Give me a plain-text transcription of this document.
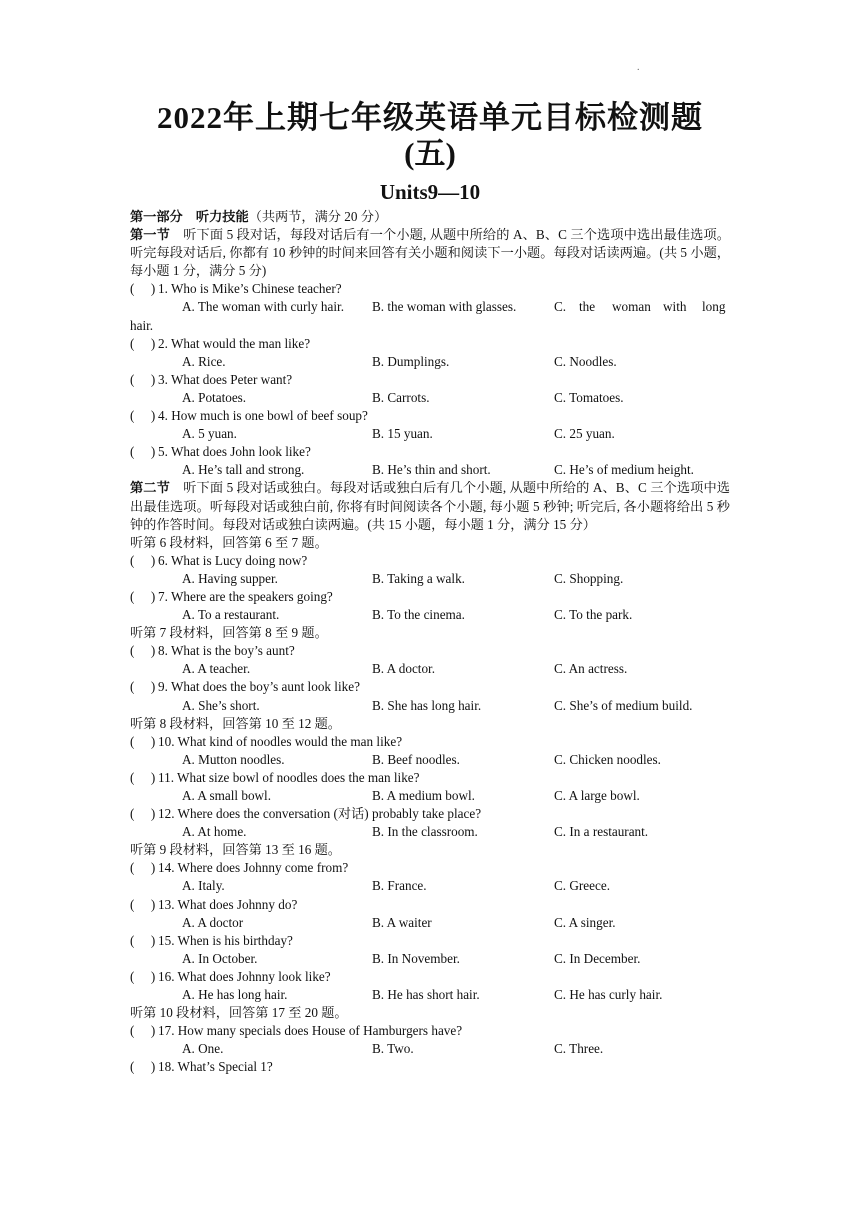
.
2022年上期七年级英语单元目标检测题
(五)
Units9—10
第一部分　听力技能（共两节，满分 20 分）
第一节　 听下面 5 段对话，每段对话后有一个小题, 从题中所给的 A、B、C 三个选项中选出最佳选项。听完每段对话后, 你都有 10 秒钟的时间来回答有关小题和阅读下一小题。每段对话读两遍。(共 5 小题，每小题 1 分，满分 5 分)
(　 ) 1. Who is Mike’s Chinese teacher?
A. The woman with curly hair. B. the woman with glasses.	C. the woman with long
hair.
(　 ) 2. What would the man like?
A. Rice.	B. Dumplings.	C. Noodles.
(　 ) 3. What does Peter want?
A. Potatoes.	B. Carrots.	C. Tomatoes.
(　 ) 4. How much is one bowl of beef soup?
A. 5 yuan.	B. 15 yuan.	C. 25 yuan.
(　 ) 5. What does John look like?
A. He’s tall and strong.	B. He’s thin and short.	C. He’s of medium height.
第二节　 听下面 5 段对话或独白。每段对话或独白后有几个小题, 从题中所给的 A、B、C 三个选项中选出最佳选项。听每段对话或独白前, 你将有时间阅读各个小题, 每小题 5 秒钟; 听完后, 各小题将给出 5 秒钟的作答时间。每段对话或独白读两遍。(共 15 小题，每小题 1 分，满分 15 分）
听第 6 段材料，回答第 6 至 7 题。
(　 ) 6. What is Lucy doing now?
A. Having supper.	B. Taking a walk.	C. Shopping.
(　 ) 7. Where are the speakers going?
A. To a restaurant.	B. To the cinema.	C. To the park.
听第 7 段材料，回答第 8 至 9 题。
(　 ) 8. What is the boy’s aunt?
A. A teacher.	B. A doctor.	C. An actress.
(　 ) 9. What does the boy’s aunt look like?
A. She’s short.	B. She has long hair.	C. She’s of medium build.
听第 8 段材料，回答第 10 至 12 题。
(　 ) 10. What kind of noodles would the man like?
A. Mutton noodles.	B. Beef noodles.	C. Chicken noodles.
(　 ) 11. What size bowl of noodles does the man like?
A. A small bowl.	B. A medium bowl.	C. A large bowl.
(　 ) 12. Where does the conversation (对话) probably take place?
A. At home.	B. In the classroom.	C. In a restaurant.
听第 9 段材料，回答第 13 至 16 题。
(　 ) 14. Where does Johnny come from?
A. Italy.	B. France.	C. Greece.
(　 ) 13. What does Johnny do?
A. A doctor	B. A waiter	C. A singer.
(　 ) 15. When is his birthday?
A. In October.	B. In November.	C. In December.
(　 ) 16. What does Johnny look like?
A. He has long hair.	B. He has short hair.	C. He has curly hair.
听第 10 段材料，回答第 17 至 20 题。
(　 ) 17. How many specials does House of Hamburgers have?
A. One.	B. Two.	C. Three.
(　 ) 18. What’s Special 1?
